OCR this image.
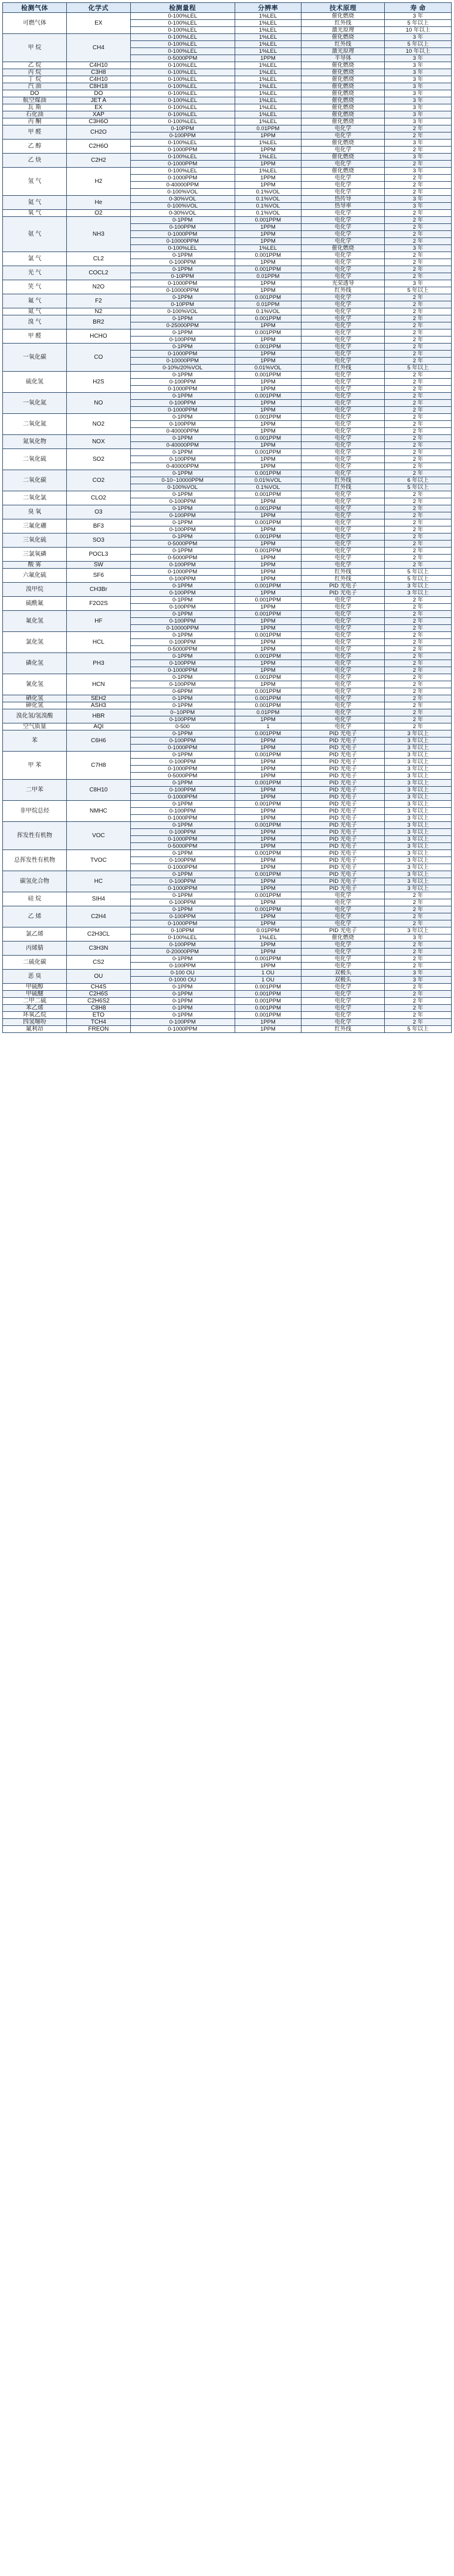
检测气体	化学式	检测量程	分辨率	技术原理	寿 命
可燃气体	EX	0-100%LEL	1%LEL	催化燃烧	3 年
		0-100%LEL	1%LEL	红外线	5 年以上
		0-100%LEL	1%LEL	激光原理	10 年以上
甲 烷	CH4	0-100%LEL	1%LEL	催化燃烧	3 年
		0-100%LEL	1%LEL	红外线	5 年以上
		0-100%LEL	1%LEL	激光原理	10 年以上
		0-5000PPM	1PPM	半导体	3 年
乙 烷	C4H10	0-100%LEL	1%LEL	催化燃烧	3 年
丙 烷	C3H8	0-100%LEL	1%LEL	催化燃烧	3 年
丁 烷	C4H10	0-100%LEL	1%LEL	催化燃烧	3 年
汽 油	C8H18	0-100%LEL	1%LEL	催化燃烧	3 年
DO	DO	0-100%LEL	1%LEL	催化燃烧	3 年
航空煤油	JET A	0-100%LEL	1%LEL	催化燃烧	3 年
瓦 斯	EX	0-100%LEL	1%LEL	催化燃烧	3 年
石化油	XAP	0-100%LEL	1%LEL	催化燃烧	3 年
丙 酮	C3H6O	0-100%LEL	1%LEL	催化燃烧	3 年
甲 醛	CH2O	0-10PPM	0.01PPM	电化学	2 年
		0-100PPM	1PPM	电化学	2 年
乙 醇	C2H6O	0-100%LEL	1%LEL	催化燃烧	3 年
		0-1000PPM	1PPM	电化学	2 年
乙 炔	C2H2	0-100%LEL	1%LEL	催化燃烧	3 年
		0-1000PPM	1PPM	电化学	2 年
氢 气	H2	0-100%LEL	1%LEL	催化燃烧	3 年
		0-1000PPM	1PPM	电化学	2 年
		0-40000PPM	1PPM	电化学	2 年
		0-100%VOL	0.1%VOL	电化学	2 年
氦 气	He	0-30%VOL	0.1%VOL	热传导	3 年
		0-100%VOL	0.1%VOL	热导率	3 年
氧 气	O2	0-30%VOL	0.1%VOL	电化学	2 年
氨 气	NH3	0-1PPM	0.001PPM	电化学	2 年
		0-100PPM	1PPM	电化学	2 年
		0-1000PPM	1PPM	电化学	2 年
		0-10000PPM	1PPM	电化学	2 年
		0-100%LEL	1%LEL	催化燃烧	3 年
氯 气	CL2	0-1PPM	0.001PPM	电化学	2 年
		0-100PPM	1PPM	电化学	2 年
光 气	COCL2	0-1PPM	0.001PPM	电化学	2 年
		0-10PPM	0.01PPM	电化学	2 年
笑 气	N2O	0-1000PPM	1PPM	光荣透导	3 年
		0-10000PPM	1PPM	红外线	5 年以上
氟 气	F2	0-1PPM	0.001PPM	电化学	2 年
		0-10PPM	0.01PPM	电化学	2 年
氮 气	N2	0-100%VOL	0.1%VOL	电化学	2 年
溴 气	BR2	0-1PPM	0.001PPM	电化学	2 年
		0-25000PPM	1PPM	电化学	2 年
甲 醛	HCHO	0-1PPM	0.001PPM	电化学	2 年
		0-100PPM	1PPM	电化学	2 年
一氧化碳	CO	0-1PPM	0.001PPM	电化学	2 年
		0-1000PPM	1PPM	电化学	2 年
		0-10000PPM	1PPM	电化学	2 年
		0-10%/20%VOL	0.01%VOL	红外线	5 年以上
硫化氢	H2S	0-1PPM	0.001PPM	电化学	2 年
		0-100PPM	1PPM	电化学	2 年
		0-1000PPM	1PPM	电化学	2 年
一氧化氮	NO	0-1PPM	0.001PPM	电化学	2 年
		0-100PPM	1PPM	电化学	2 年
		0-1000PPM	1PPM	电化学	2 年
二氧化氮	NO2	0-1PPM	0.001PPM	电化学	2 年
		0-100PPM	1PPM	电化学	2 年
		0-40000PPM	1PPM	电化学	2 年
氮氧化物	NOX	0-1PPM	0.001PPM	电化学	2 年
		0-40000PPM	1PPM	电化学	2 年
二氧化硫	SO2	0-1PPM	0.001PPM	电化学	2 年
		0-100PPM	1PPM	电化学	2 年
		0-40000PPM	1PPM	电化学	2 年
二氧化碳	CO2	0-1PPM	0.001PPM	电化学	2 年
		0-10~10000PPM	0.01%VOL	红外线	6 年以上
		0-100%VOL	0.1%VOL	红外线	5 年以上
二氧化氯	CLO2	0-1PPM	0.001PPM	电化学	2 年
		0-100PPM	1PPM	电化学	2 年
臭 氧	O3	0-1PPM	0.001PPM	电化学	2 年
		0-100PPM	1PPM	电化学	2 年
三氟化硼	BF3	0-1PPM	0.001PPM	电化学	2 年
		0-100PPM	1PPM	电化学	2 年
三氧化硫	SO3	0-1PPM	0.001PPM	电化学	2 年
		0-5000PPM	1PPM	电化学	2 年
三氯氧磷	POCL3	0-1PPM	0.001PPM	电化学	2 年
		0-5000PPM	1PPM	电化学	2 年
酸 雾	SW	0-100PPM	1PPM	电化学	2 年
六氟化硫	SF6	0-1000PPM	1PPM	红外线	5 年以上
		0-100PPM	1PPM	红外线	5 年以上
溴甲烷	CH3Br	0-1PPM	0.001PPM	PID 光电子	3 年以上
		0-100PPM	1PPM	PID 光电子	3 年以上
硫酰氟	F2O2S	0-1PPM	0.001PPM	电化学	2 年
		0-100PPM	1PPM	电化学	2 年
氟化氢	HF	0-1PPM	0.001PPM	电化学	2 年
		0-100PPM	1PPM	电化学	2 年
		0-10000PPM	1PPM	电化学	2 年
氯化氢	HCL	0-1PPM	0.001PPM	电化学	2 年
		0-100PPM	1PPM	电化学	2 年
		0-5000PPM	1PPM	电化学	2 年
磷化氢	PH3	0-1PPM	0.001PPM	电化学	2 年
		0-100PPM	1PPM	电化学	2 年
		0-1000PPM	1PPM	电化学	2 年
氰化氢	HCN	0-1PPM	0.001PPM	电化学	2 年
		0-100PPM	1PPM	电化学	2 年
		0-6PPM	0.001PPM	电化学	2 年
硒化氢	SEH2	0-1PPM	0.001PPM	电化学	2 年
砷化氢	ASH3	0-1PPM	0.001PPM	电化学	2 年
溴化氢/氢溴酸	HBR	0~10PPM	0.01PPM	电化学	2 年
		0-100PPM	1PPM	电化学	2 年
空气质量	AQI	0-500	1	电化学	2 年
苯	C6H6	0-1PPM	0.001PPM	PID 光电子	3 年以上
		0-100PPM	1PPM	PID 光电子	3 年以上
		0-1000PPM	1PPM	PID 光电子	3 年以上
甲 苯	C7H8	0-1PPM	0.001PPM	PID 光电子	3 年以上
		0-100PPM	1PPM	PID 光电子	3 年以上
		0-1000PPM	1PPM	PID 光电子	3 年以上
		0-5000PPM	1PPM	PID 光电子	3 年以上
二甲苯	C8H10	0-1PPM	0.001PPM	PID 光电子	3 年以上
		0-100PPM	1PPM	PID 光电子	3 年以上
		0-1000PPM	1PPM	PID 光电子	3 年以上
非甲烷总烃	NMHC	0-1PPM	0.001PPM	PID 光电子	3 年以上
		0-100PPM	1PPM	PID 光电子	3 年以上
		0-1000PPM	1PPM	PID 光电子	3 年以上
挥发性有机物	VOC	0-1PPM	0.001PPM	PID 光电子	3 年以上
		0-100PPM	1PPM	PID 光电子	3 年以上
		0-1000PPM	1PPM	PID 光电子	3 年以上
		0-5000PPM	1PPM	PID 光电子	3 年以上
总挥发性有机物	TVOC	0-1PPM	0.001PPM	PID 光电子	3 年以上
		0-100PPM	1PPM	PID 光电子	3 年以上
		0-1000PPM	1PPM	PID 光电子	3 年以上
碳氢化合物	HC	0-1PPM	0.001PPM	PID 光电子	3 年以上
		0-100PPM	1PPM	PID 光电子	3 年以上
		0-1000PPM	1PPM	PID 光电子	3 年以上
硅 烷	SIH4	0-1PPM	0.001PPM	电化学	2 年
		0-100PPM	1PPM	电化学	2 年
乙 烯	C2H4	0-1PPM	0.001PPM	电化学	2 年
		0-100PPM	1PPM	电化学	2 年
		0-1000PPM	1PPM	电化学	2 年
氯乙烯	C2H3CL	0-10PPM	0.01PPM	PID 光电子	3 年以上
		0-100%LEL	1%LEL	催化燃烧	3 年
丙烯腈	C3H3N	0-100PPM	1PPM	电化学	2 年
		0-20000PPM	1PPM	电化学	2 年
二硫化碳	CS2	0-1PPM	0.001PPM	电化学	2 年
		0-100PPM	1PPM	电化学	2 年
恶 臭	OU	0-100 OU	1 OU	双极头	3 年
		0-1000 OU	1 OU	双极头	3 年
甲硫醇	CH4S	0-1PPM	0.001PPM	电化学	2 年
甲硫醚	C2H6S	0-1PPM	0.001PPM	电化学	2 年
二甲二硫	C2H6S2	0-1PPM	0.001PPM	电化学	2 年
苯乙烯	C8H8	0-1PPM	0.001PPM	电化学	2 年
环氧乙烷	ETO	0-1PPM	0.001PPM	电化学	2 年
四氢噻吩	TCH4	0-100PPM	1PPM	电化学	2 年
氟利昂	FREON	0-1000PPM	1PPM	红外线	5 年以上
